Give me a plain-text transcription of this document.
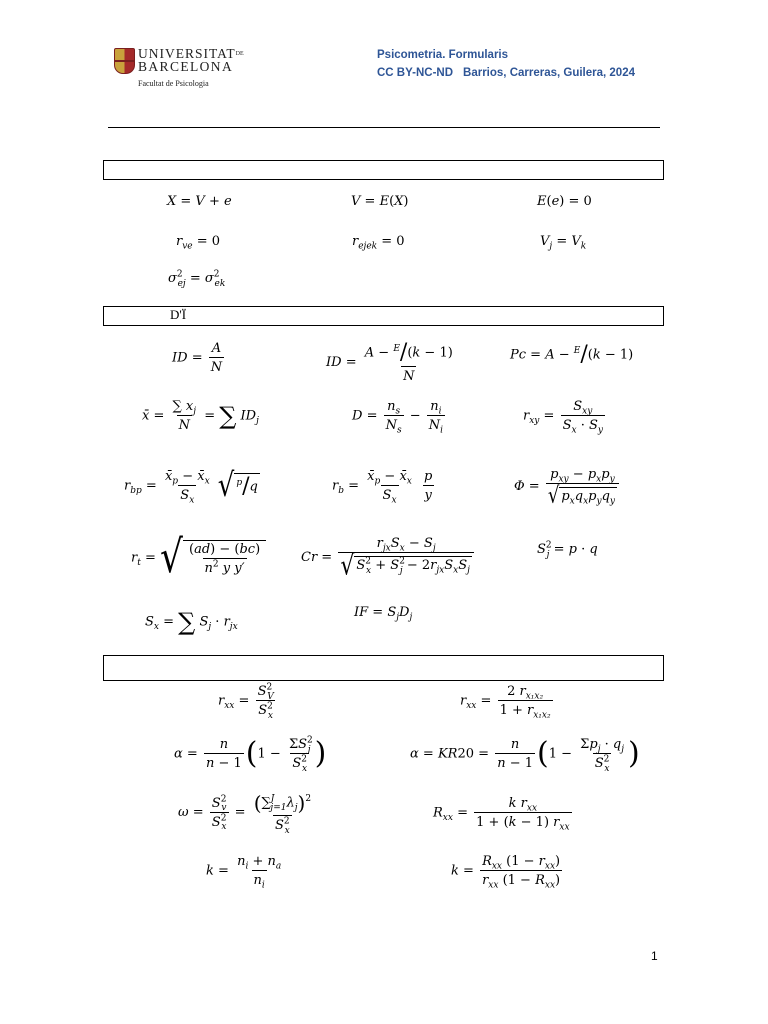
$UNIVERSITAT^{DE}$
BARCELONA
Facultat de Psicologia
Psicometria. Formularis
CC BY-NC-ND Barrios, Carreras, Guilera, 2024
X = V + e	V = E(X)	E(e) = 0
$r_{ve} = 0$	$r_{ejek} = 0$	$V_j = V_k$
$\sigma^2_{ej} = \sigma^2_{ek}$
D'Ï
ID = $\frac{A}{N}$	ID = $\frac{A - ^E/(k - 1)}{N}$	Pc = A − $^E$/(k − 1)
x̄ = $\frac{\sum x_j}{N}$ = ∑ $ID_j$	$D = \frac{n_s}{N_s} - \frac{n_i}{N_i}$	$r_{xy} = \frac{S_{xy}}{S_x \cdot S_y}$
$r_{bp} = \frac{x̄_p - x̄_x}{S_x}$
√ $^p$/q	$r_b = \frac{x̄_p - x̄_x}{S_x}$
$\frac{p}{y}$	$\Phi = \frac{p_{xy} - p_xp_y}{√ p_xq_xp_yq_y}$
$r_t$ = √ $\frac{(ad) - (bc)}{n^2 y y'}$	$Cr = \frac{r_{jx}S_x - S_j}{√ S^2_x + S^2_j - 2r_{jx}S_xS_j}$	$S^2_j = p \cdot q$
$S_x$ = ∑ $S_j \cdot r_{jx}$
IF = $S_jD_j$
$r_{xx} = \frac{S^2_V}{S^2_x}$	$r_{xx} = \frac{2 r_{x_1x_2}}{1 + r_{x_1x_2}}$
$\alpha = \frac{n}{n - 1} (1 - \frac{\Sigma S^2_j}{S^2_x}$ )	$\alpha = KR20 = \frac{n}{n - 1} (1 - \frac{\Sigma p_j \cdot q_j}{S^2_x}$ )
$\omega = \frac{S^2_v}{S^2_x} = \frac{(\sum^J_{j=1}\lambda_j)^2}{S^2_x}$	$R_{xx} = \frac{k r_{xx}}{1 + (k - 1) r_{xx}}$
$k = \frac{n_i + n_a}{n_i}$	$k = \frac{R_{xx} (1 - r_{xx})}{r_{xx} (1 - R_{xx})}$
1
